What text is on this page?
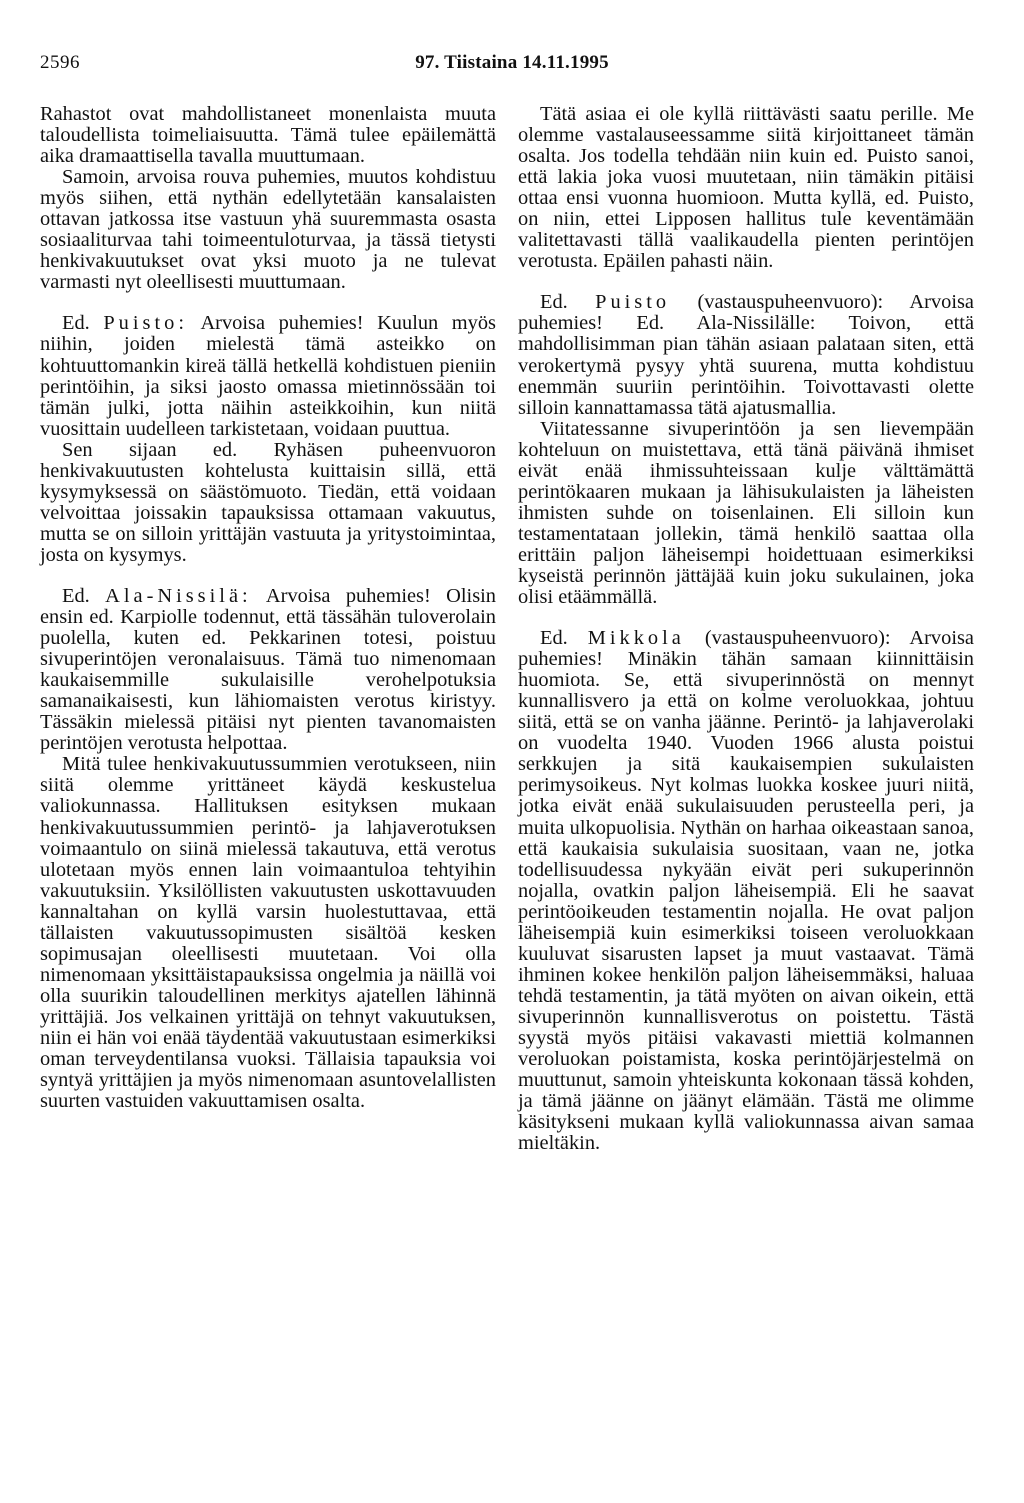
2596	97. Tiistaina 14.11.1995

Rahastot ovat mahdollistaneet monenlaista muuta taloudellista toimeliaisuutta. Tämä tulee epäilemättä aika dramaattisella tavalla muuttumaan.

Samoin, arvoisa rouva puhemies, muutos kohdistuu myös siihen, että nythän edellytetään kansalaisten ottavan jatkossa itse vastuun yhä suuremmasta osasta sosiaaliturvaa tahi toimeentuloturvaa, ja tässä tietysti henkivakuutukset ovat yksi muoto ja ne tulevat varmasti nyt oleellisesti muuttumaan.

Ed. Puisto: Arvoisa puhemies! Kuulun myös niihin, joiden mielestä tämä asteikko on kohtuuttomankin kireä tällä hetkellä kohdistuen pieniin perintöihin, ja siksi jaosto omassa mietinnössään toi tämän julki, jotta näihin asteikkoihin, kun niitä vuosittain uudelleen tarkistetaan, voidaan puuttua.

Sen sijaan ed. Ryhäsen puheenvuoron henkivakuutusten kohtelusta kuittaisin sillä, että kysymyksessä on säästömuoto. Tiedän, että voidaan velvoittaa joissakin tapauksissa ottamaan vakuutus, mutta se on silloin yrittäjän vastuuta ja yritystoimintaa, josta on kysymys.

Ed. Ala-Nissilä: Arvoisa puhemies! Olisin ensin ed. Karpiolle todennut, että tässähän tuloverolain puolella, kuten ed. Pekkarinen totesi, poistuu sivuperintöjen veronalaisuus. Tämä tuo nimenomaan kaukaisemmille sukulaisille verohelpotuksia samanaikaisesti, kun lähiomaisten verotus kiristyy. Tässäkin mielessä pitäisi nyt pienten tavanomaisten perintöjen verotusta helpottaa.

Mitä tulee henkivakuutussummien verotukseen, niin siitä olemme yrittäneet käydä keskustelua valiokunnassa. Hallituksen esityksen mukaan henkivakuutussummien perintö- ja lahjaverotuksen voimaantulo on siinä mielessä takautuva, että verotus ulotetaan myös ennen lain voimaantuloa tehtyihin vakuutuksiin. Yksilöllisten vakuutusten uskottavuuden kannaltahan on kyllä varsin huolestuttavaa, että tällaisten vakuutussopimusten sisältöä kesken sopimusajan oleellisesti muutetaan. Voi olla nimenomaan yksittäistapauksissa ongelmia ja näillä voi olla suurikin taloudellinen merkitys ajatellen lähinnä yrittäjiä. Jos velkainen yrittäjä on tehnyt vakuutuksen, niin ei hän voi enää täydentää vakuutustaan esimerkiksi oman terveydentilansa vuoksi. Tällaisia tapauksia voi syntyä yrittäjien ja myös nimenomaan asuntovelallisten suurten vastuiden vakuuttamisen osalta.

Tätä asiaa ei ole kyllä riittävästi saatu perille. Me olemme vastalauseessamme siitä kirjoittaneet tämän osalta. Jos todella tehdään niin kuin ed. Puisto sanoi, että lakia joka vuosi muutetaan, niin tämäkin pitäisi ottaa ensi vuonna huomioon. Mutta kyllä, ed. Puisto, on niin, ettei Lipposen hallitus tule keventämään valitettavasti tällä vaalikaudella pienten perintöjen verotusta. Epäilen pahasti näin.

Ed. Puisto (vastauspuheenvuoro): Arvoisa puhemies! Ed. Ala-Nissilälle: Toivon, että mahdollisimman pian tähän asiaan palataan siten, että verokertymä pysyy yhtä suurena, mutta kohdistuu enemmän suuriin perintöihin. Toivottavasti olette silloin kannattamassa tätä ajatusmallia.

Viitatessanne sivuperintöön ja sen lievempään kohteluun on muistettava, että tänä päivänä ihmiset eivät enää ihmissuhteissaan kulje välttämättä perintökaaren mukaan ja lähisukulaisten ja läheisten ihmisten suhde on toisenlainen. Eli silloin kun testamentataan jollekin, tämä henkilö saattaa olla erittäin paljon läheisempi hoidettuaan esimerkiksi kyseistä perinnön jättäjää kuin joku sukulainen, joka olisi etäämmällä.

Ed. Mikkola (vastauspuheenvuoro): Arvoisa puhemies! Minäkin tähän samaan kiinnittäisin huomiota. Se, että sivuperinnöstä on mennyt kunnallisvero ja että on kolme veroluokkaa, johtuu siitä, että se on vanha jäänne. Perintö- ja lahjaverolaki on vuodelta 1940. Vuoden 1966 alusta poistui serkkujen ja sitä kaukaisempien sukulaisten perimysoikeus. Nyt kolmas luokka koskee juuri niitä, jotka eivät enää sukulaisuuden perusteella peri, ja muita ulkopuolisia. Nythän on harhaa oikeastaan sanoa, että kaukaisia sukulaisia suositaan, vaan ne, jotka todellisuudessa nykyään eivät peri sukuperinnön nojalla, ovatkin paljon läheisempiä. Eli he saavat perintöoikeuden testamentin nojalla. He ovat paljon läheisempiä kuin esimerkiksi toiseen veroluokkaan kuuluvat sisarusten lapset ja muut vastaavat. Tämä ihminen kokee henkilön paljon läheisemmäksi, haluaa tehdä testamentin, ja tätä myöten on aivan oikein, että sivuperinnön kunnallisverotus on poistettu. Tästä syystä myös pitäisi vakavasti miettiä kolmannen veroluokan poistamista, koska perintöjärjestelmä on muuttunut, samoin yhteiskunta kokonaan tässä kohden, ja tämä jäänne on jäänyt elämään. Tästä me olimme käsitykseni mukaan kyllä valiokunnassa aivan samaa mieltäkin.
